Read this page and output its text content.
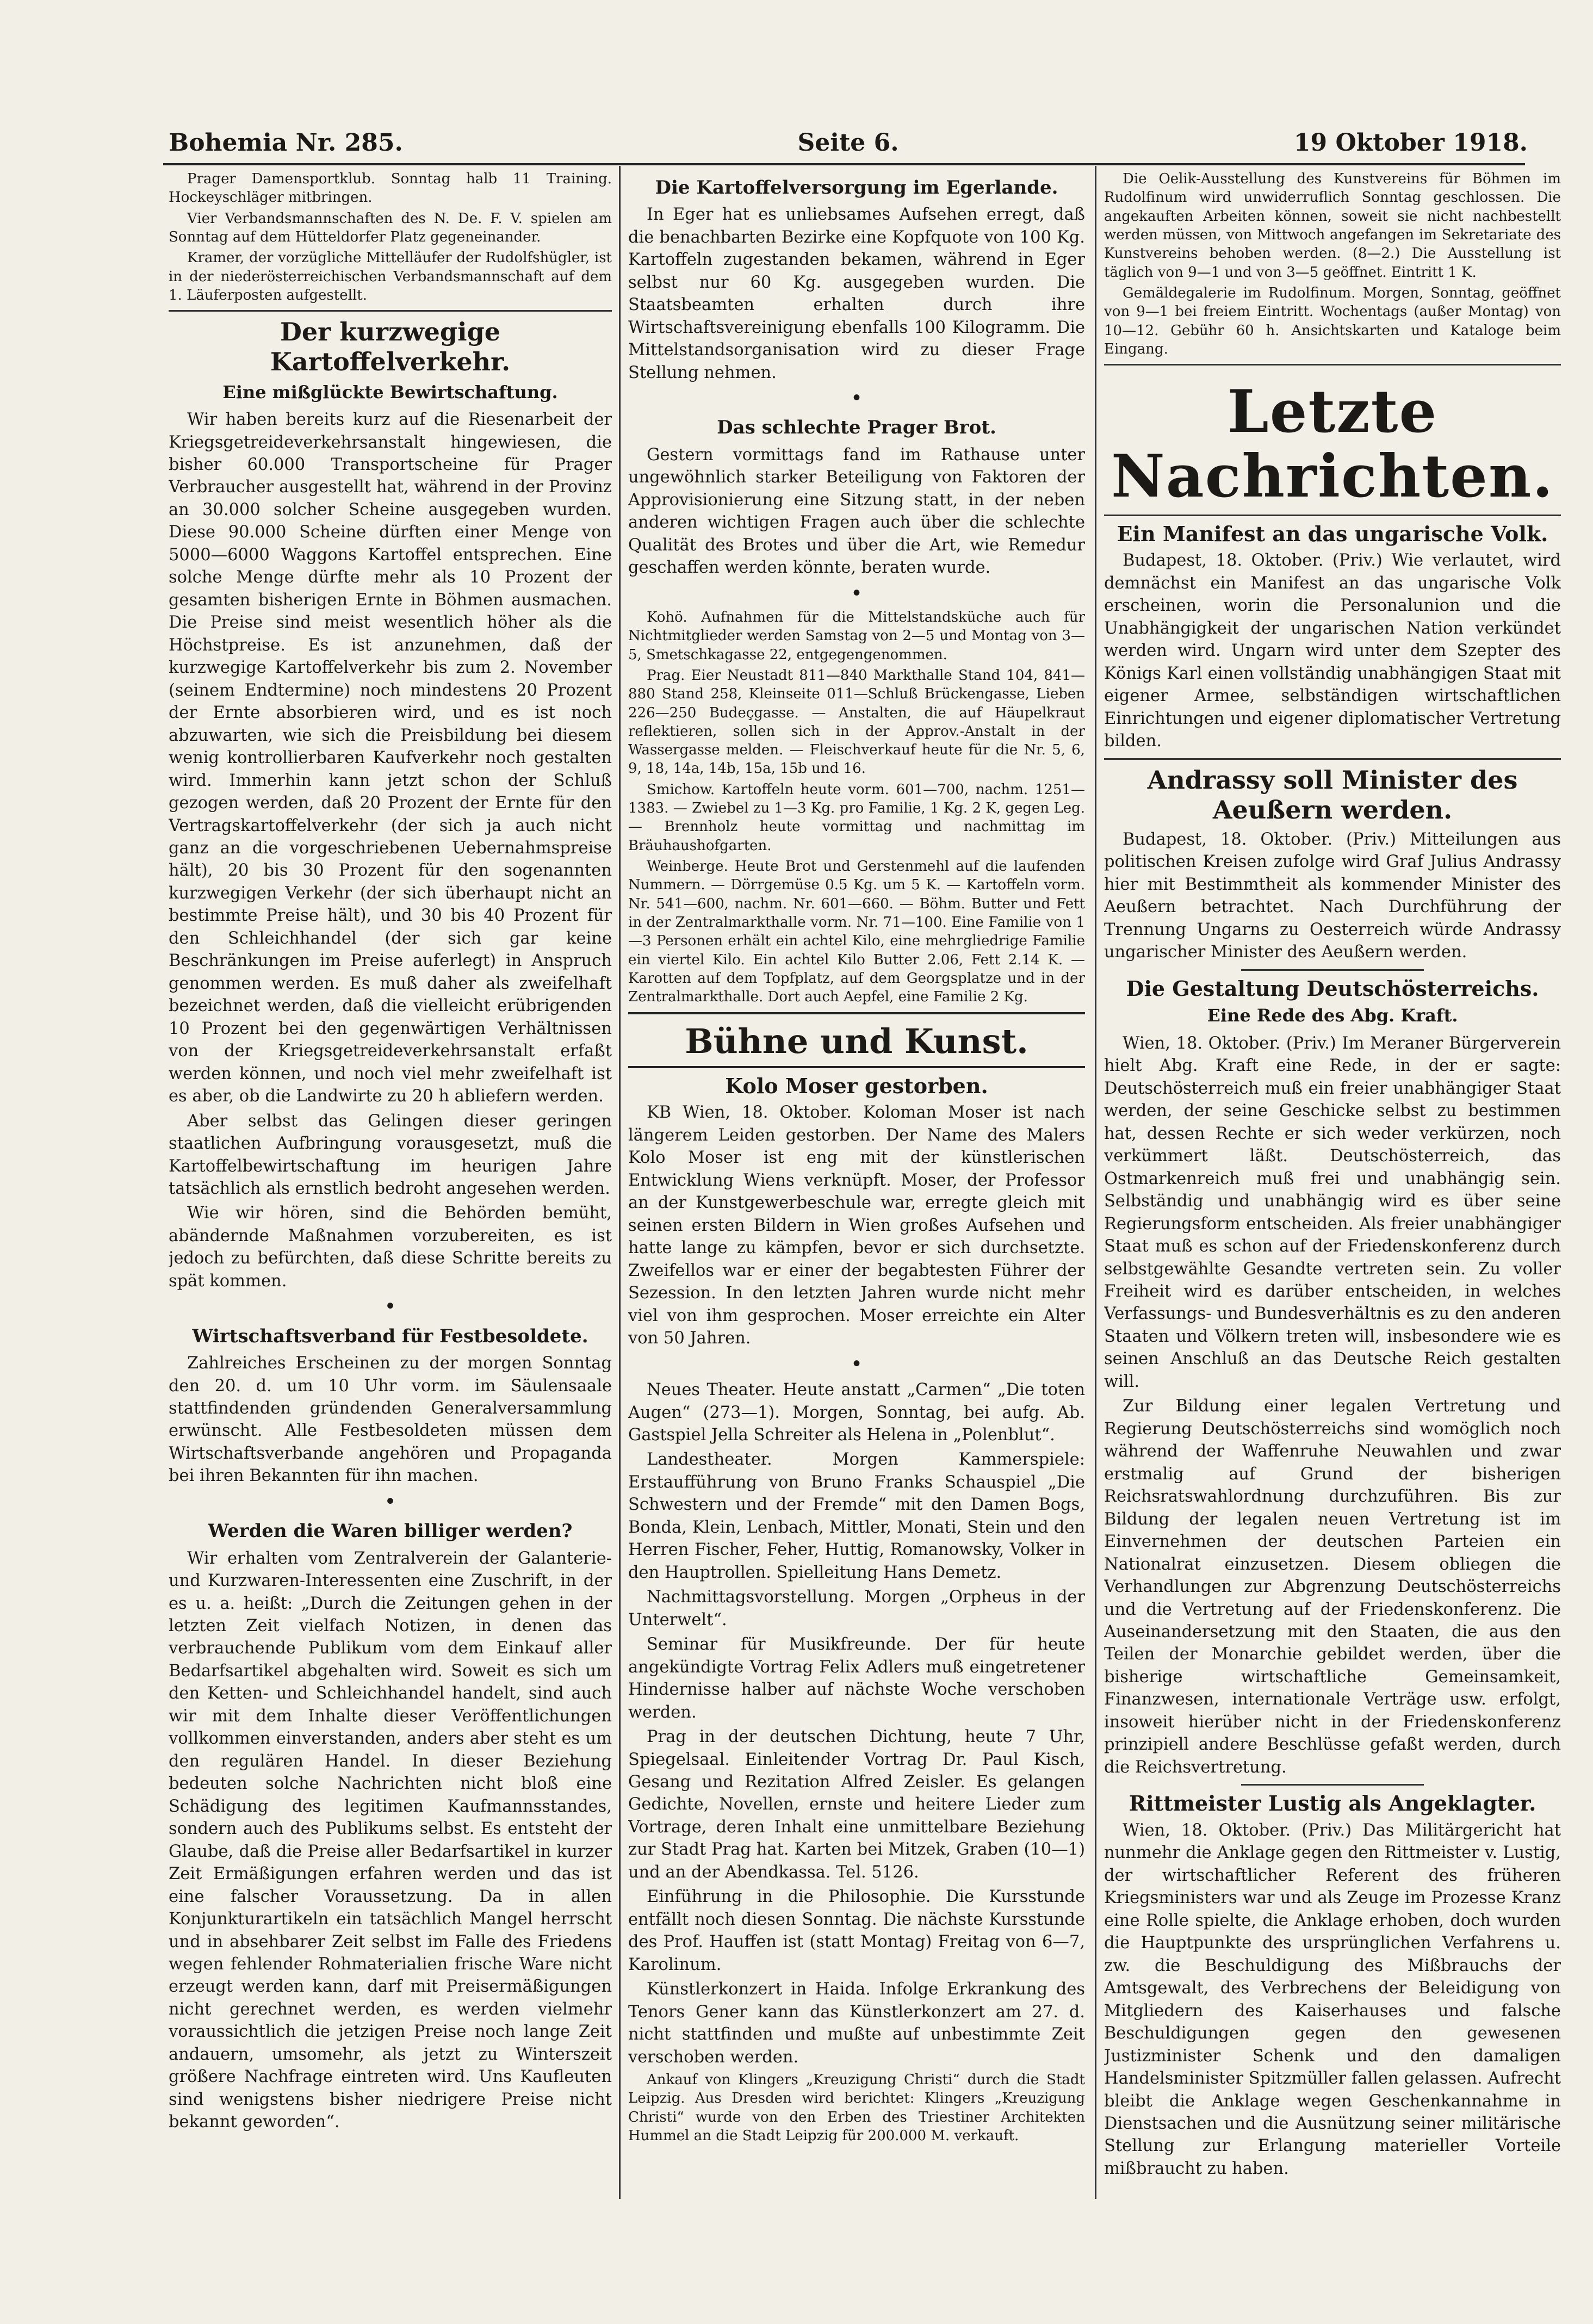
Bohemia Nr. 285.	Seite 6.	19 Oktober 1918.

Prager Damensportklub. Sonntag halb 11 Training. Hockeyschläger mitbringen.

Vier Verbandsmannschaften des N. De. F. V. spielen am Sonntag auf dem Hütteldorfer Platz gegeneinander.

Kramer, der vorzügliche Mittelläufer der Rudolfshügler, ist in der niederösterreichischen Verbandsmannschaft auf dem 1. Läuferposten aufgestellt.

Der kurzwegige Kartoffelverkehr.
Eine mißglückte Bewirtschaftung.

Wir haben bereits kurz auf die Riesenarbeit der Kriegsgetreideverkehrsanstalt hingewiesen, die bisher 60.000 Transportscheine für Prager Verbraucher ausgestellt hat, während in der Provinz an 30.000 solcher Scheine ausgegeben wurden. Diese 90.000 Scheine dürften einer Menge von 5000—6000 Waggons Kartoffel entsprechen. Eine solche Menge dürfte mehr als 10 Prozent der gesamten bisherigen Ernte in Böhmen ausmachen. Die Preise sind meist wesentlich höher als die Höchstpreise. Es ist anzunehmen, daß der kurzwegige Kartoffelverkehr bis zum 2. November (seinem Endtermine) noch mindestens 20 Prozent der Ernte absorbieren wird, und es ist noch abzuwarten, wie sich die Preisbildung bei diesem wenig kontrollierbaren Kaufverkehr noch gestalten wird. Immerhin kann jetzt schon der Schluß gezogen werden, daß 20 Prozent der Ernte für den Vertragskartoffelverkehr (der sich ja auch nicht ganz an die vorgeschriebenen Uebernahmspreise hält), 20 bis 30 Prozent für den sogenannten kurzwegigen Verkehr (der sich überhaupt nicht an bestimmte Preise hält), und 30 bis 40 Prozent für den Schleichhandel (der sich gar keine Beschränkungen im Preise auferlegt) in Anspruch genommen werden. Es muß daher als zweifelhaft bezeichnet werden, daß die vielleicht erübrigenden 10 Prozent bei den gegenwärtigen Verhältnissen von der Kriegsgetreideverkehrsanstalt erfaßt werden können, und noch viel mehr zweifelhaft ist es aber, ob die Landwirte zu 20 h abliefern werden.

Aber selbst das Gelingen dieser geringen staatlichen Aufbringung vorausgesetzt, muß die Kartoffelbewirtschaftung im heurigen Jahre tatsächlich als ernstlich bedroht angesehen werden.

Wie wir hören, sind die Behörden bemüht, abändernde Maßnahmen vorzubereiten, es ist jedoch zu befürchten, daß diese Schritte bereits zu spät kommen.

•
Wirtschaftsverband für Festbesoldete.

Zahlreiches Erscheinen zu der morgen Sonntag den 20. d. um 10 Uhr vorm. im Säulensaale stattfindenden gründenden Generalversammlung erwünscht. Alle Festbesoldeten müssen dem Wirtschaftsverbande angehören und Propaganda bei ihren Bekannten für ihn machen.

•
Werden die Waren billiger werden?

Wir erhalten vom Zentralverein der Galanterie- und Kurzwaren-Interessenten eine Zuschrift, in der es u. a. heißt: „Durch die Zeitungen gehen in der letzten Zeit vielfach Notizen, in denen das verbrauchende Publikum vom dem Einkauf aller Bedarfsartikel abgehalten wird. Soweit es sich um den Ketten- und Schleichhandel handelt, sind auch wir mit dem Inhalte dieser Veröffentlichungen vollkommen einverstanden, anders aber steht es um den regulären Handel. In dieser Beziehung bedeuten solche Nachrichten nicht bloß eine Schädigung des legitimen Kaufmannsstandes, sondern auch des Publikums selbst. Es entsteht der Glaube, daß die Preise aller Bedarfsartikel in kurzer Zeit Ermäßigungen erfahren werden und das ist eine falscher Voraussetzung. Da in allen Konjunkturartikeln ein tatsächlich Mangel herrscht und in absehbarer Zeit selbst im Falle des Friedens wegen fehlender Rohmaterialien frische Ware nicht erzeugt werden kann, darf mit Preisermäßigungen nicht gerechnet werden, es werden vielmehr voraussichtlich die jetzigen Preise noch lange Zeit andauern, umsomehr, als jetzt zu Winterszeit größere Nachfrage eintreten wird. Uns Kaufleuten sind wenigstens bisher niedrigere Preise nicht bekannt geworden“.

Die Kartoffelversorgung im Egerlande.

In Eger hat es unliebsames Aufsehen erregt, daß die benachbarten Bezirke eine Kopfquote von 100 Kg. Kartoffeln zugestanden bekamen, während in Eger selbst nur 60 Kg. ausgegeben wurden. Die Staatsbeamten erhalten durch ihre Wirtschaftsvereinigung ebenfalls 100 Kilogramm. Die Mittelstandsorganisation wird zu dieser Frage Stellung nehmen.

•
Das schlechte Prager Brot.

Gestern vormittags fand im Rathause unter ungewöhnlich starker Beteiligung von Faktoren der Approvisionierung eine Sitzung statt, in der neben anderen wichtigen Fragen auch über die schlechte Qualität des Brotes und über die Art, wie Remedur geschaffen werden könnte, beraten wurde.

•

Kohö. Aufnahmen für die Mittelstandsküche auch für Nichtmitglieder werden Samstag von 2—5 und Montag von 3—5, Smetschkagasse 22, entgegengenommen.

Prag. Eier Neustadt 811—840 Markthalle Stand 104, 841—880 Stand 258, Kleinseite 011—Schluß Brückengasse, Lieben 226—250 Budeçgasse. — Anstalten, die auf Häupelkraut reflektieren, sollen sich in der Approv.-Anstalt in der Wassergasse melden. — Fleischverkauf heute für die Nr. 5, 6, 9, 18, 14a, 14b, 15a, 15b und 16.

Smichow. Kartoffeln heute vorm. 601—700, nachm. 1251—1383. — Zwiebel zu 1—3 Kg. pro Familie, 1 Kg. 2 K, gegen Leg. — Brennholz heute vormittag und nachmittag im Bräuhaushofgarten.

Weinberge. Heute Brot und Gerstenmehl auf die laufenden Nummern. — Dörrgemüse 0.5 Kg. um 5 K. — Kartoffeln vorm. Nr. 541—600, nachm. Nr. 601—660. — Böhm. Butter und Fett in der Zentralmarkthalle vorm. Nr. 71—100. Eine Familie von 1—3 Personen erhält ein achtel Kilo, eine mehrgliedrige Familie ein viertel Kilo. Ein achtel Kilo Butter 2.06, Fett 2.14 K. — Karotten auf dem Topfplatz, auf dem Georgsplatze und in der Zentralmarkthalle. Dort auch Aepfel, eine Familie 2 Kg.

Bühne und Kunst.
Kolo Moser gestorben.

KB Wien, 18. Oktober. Koloman Moser ist nach längerem Leiden gestorben. Der Name des Malers Kolo Moser ist eng mit der künstlerischen Entwicklung Wiens verknüpft. Moser, der Professor an der Kunstgewerbeschule war, erregte gleich mit seinen ersten Bildern in Wien großes Aufsehen und hatte lange zu kämpfen, bevor er sich durchsetzte. Zweifellos war er einer der begabtesten Führer der Sezession. In den letzten Jahren wurde nicht mehr viel von ihm gesprochen. Moser erreichte ein Alter von 50 Jahren.

•

Neues Theater. Heute anstatt „Carmen“ „Die toten Augen“ (273—1). Morgen, Sonntag, bei aufg. Ab. Gastspiel Jella Schreiter als Helena in „Polenblut“.

Landestheater. Morgen Kammerspiele: Erstaufführung von Bruno Franks Schauspiel „Die Schwestern und der Fremde“ mit den Damen Bogs, Bonda, Klein, Lenbach, Mittler, Monati, Stein und den Herren Fischer, Feher, Huttig, Romanowsky, Volker in den Hauptrollen. Spielleitung Hans Demetz.

Nachmittagsvorstellung. Morgen „Orpheus in der Unterwelt“.

Seminar für Musikfreunde. Der für heute angekündigte Vortrag Felix Adlers muß eingetretener Hindernisse halber auf nächste Woche verschoben werden.

Prag in der deutschen Dichtung, heute 7 Uhr, Spiegelsaal. Einleitender Vortrag Dr. Paul Kisch, Gesang und Rezitation Alfred Zeisler. Es gelangen Gedichte, Novellen, ernste und heitere Lieder zum Vortrage, deren Inhalt eine unmittelbare Beziehung zur Stadt Prag hat. Karten bei Mitzek, Graben (10—1) und an der Abendkassa. Tel. 5126.

Einführung in die Philosophie. Die Kursstunde entfällt noch diesen Sonntag. Die nächste Kursstunde des Prof. Hauffen ist (statt Montag) Freitag von 6—7, Karolinum.

Künstlerkonzert in Haida. Infolge Erkrankung des Tenors Gener kann das Künstlerkonzert am 27. d. nicht stattfinden und mußte auf unbestimmte Zeit verschoben werden.

Ankauf von Klingers „Kreuzigung Christi“ durch die Stadt Leipzig. Aus Dresden wird berichtet: Klingers „Kreuzigung Christi“ wurde von den Erben des Triestiner Architekten Hummel an die Stadt Leipzig für 200.000 M. verkauft.

Die Oelik-Ausstellung des Kunstvereins für Böhmen im Rudolfinum wird unwiderruflich Sonntag geschlossen. Die angekauften Arbeiten können, soweit sie nicht nachbestellt werden müssen, von Mittwoch angefangen im Sekretariate des Kunstvereins behoben werden. (8—2.) Die Ausstellung ist täglich von 9—1 und von 3—5 geöffnet. Eintritt 1 K.

Gemäldegalerie im Rudolfinum. Morgen, Sonntag, geöffnet von 9—1 bei freiem Eintritt. Wochentags (außer Montag) von 10—12. Gebühr 60 h. Ansichtskarten und Kataloge beim Eingang.

Letzte Nachrichten.
Ein Manifest an das ungarische Volk.

Budapest, 18. Oktober. (Priv.) Wie verlautet, wird demnächst ein Manifest an das ungarische Volk erscheinen, worin die Personalunion und die Unabhängigkeit der ungarischen Nation verkündet werden wird. Ungarn wird unter dem Szepter des Königs Karl einen vollständig unabhängigen Staat mit eigener Armee, selbständigen wirtschaftlichen Einrichtungen und eigener diplomatischer Vertretung bilden.

Andrassy soll Minister des Aeußern werden.

Budapest, 18. Oktober. (Priv.) Mitteilungen aus politischen Kreisen zufolge wird Graf Julius Andrassy hier mit Bestimmtheit als kommender Minister des Aeußern betrachtet. Nach Durchführung der Trennung Ungarns zu Oesterreich würde Andrassy ungarischer Minister des Aeußern werden.

Die Gestaltung Deutschösterreichs.
Eine Rede des Abg. Kraft.

Wien, 18. Oktober. (Priv.) Im Meraner Bürgerverein hielt Abg. Kraft eine Rede, in der er sagte: Deutschösterreich muß ein freier unabhängiger Staat werden, der seine Geschicke selbst zu bestimmen hat, dessen Rechte er sich weder verkürzen, noch verkümmert läßt. Deutschösterreich, das Ostmarkenreich muß frei und unabhängig sein. Selbständig und unabhängig wird es über seine Regierungsform entscheiden. Als freier unabhängiger Staat muß es schon auf der Friedenskonferenz durch selbstgewählte Gesandte vertreten sein. Zu voller Freiheit wird es darüber entscheiden, in welches Verfassungs- und Bundesverhältnis es zu den anderen Staaten und Völkern treten will, insbesondere wie es seinen Anschluß an das Deutsche Reich gestalten will.

Zur Bildung einer legalen Vertretung und Regierung Deutschösterreichs sind womöglich noch während der Waffenruhe Neuwahlen und zwar erstmalig auf Grund der bisherigen Reichsratswahlordnung durchzuführen. Bis zur Bildung der legalen neuen Vertretung ist im Einvernehmen der deutschen Parteien ein Nationalrat einzusetzen. Diesem obliegen die Verhandlungen zur Abgrenzung Deutschösterreichs und die Vertretung auf der Friedenskonferenz. Die Auseinandersetzung mit den Staaten, die aus den Teilen der Monarchie gebildet werden, über die bisherige wirtschaftliche Gemeinsamkeit, Finanzwesen, internationale Verträge usw. erfolgt, insoweit hierüber nicht in der Friedenskonferenz prinzipiell andere Beschlüsse gefaßt werden, durch die Reichsvertretung.

Rittmeister Lustig als Angeklagter.

Wien, 18. Oktober. (Priv.) Das Militärgericht hat nunmehr die Anklage gegen den Rittmeister v. Lustig, der wirtschaftlicher Referent des früheren Kriegsministers war und als Zeuge im Prozesse Kranz eine Rolle spielte, die Anklage erhoben, doch wurden die Hauptpunkte des ursprünglichen Verfahrens u. zw. die Beschuldigung des Mißbrauchs der Amtsgewalt, des Verbrechens der Beleidigung von Mitgliedern des Kaiserhauses und falsche Beschuldigungen gegen den gewesenen Justizminister Schenk und den damaligen Handelsminister Spitzmüller fallen gelassen. Aufrecht bleibt die Anklage wegen Geschenkannahme in Dienstsachen und die Ausnützung seiner militärische Stellung zur Erlangung materieller Vorteile mißbraucht zu haben.
